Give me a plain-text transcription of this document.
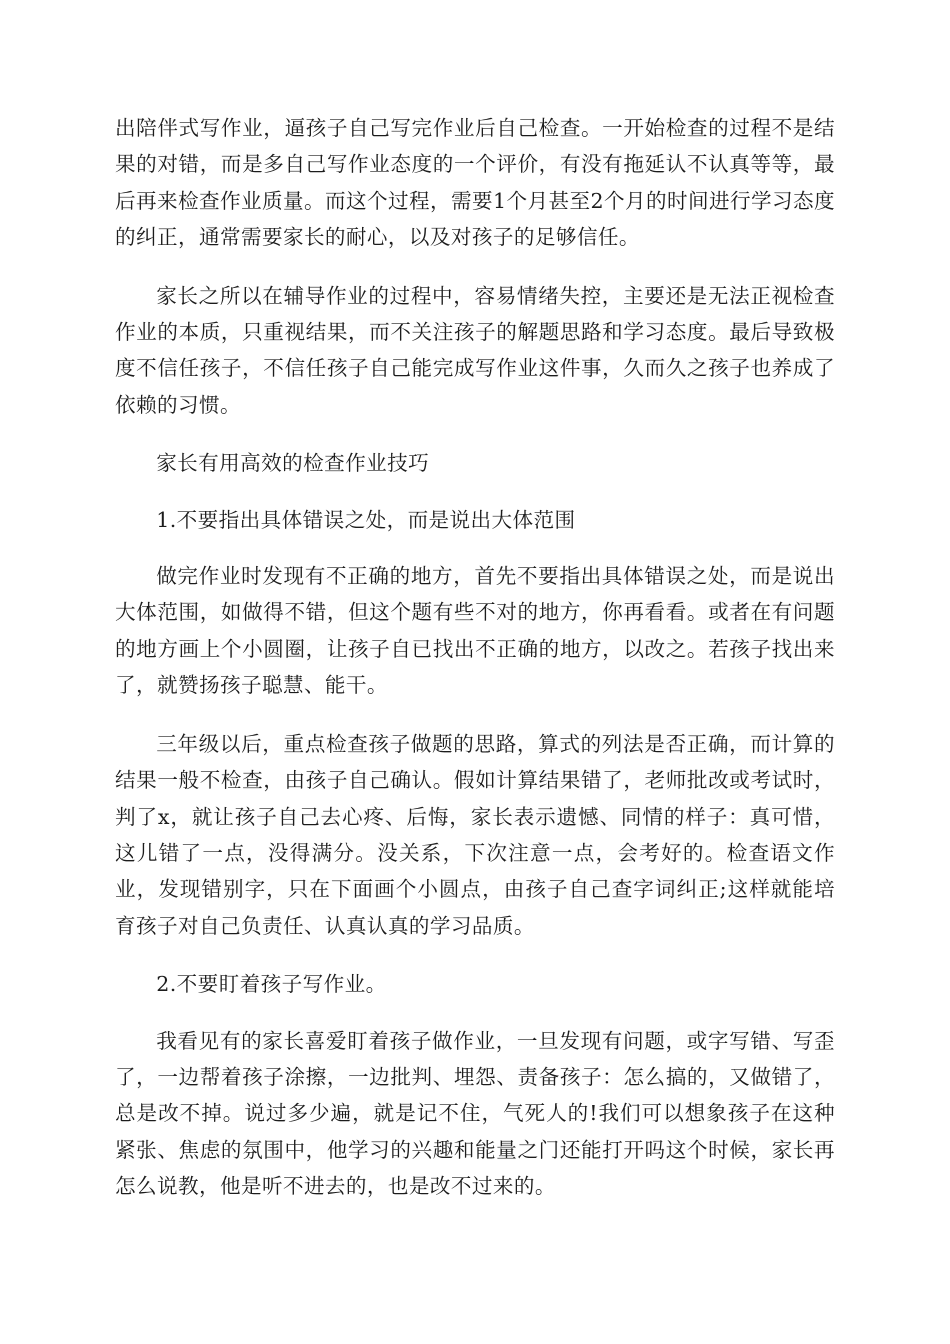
出陪伴式写作业，逼孩子自己写完作业后自己检查。一开始检查的过程不是结果的对错，而是多自己写作业态度的一个评价，有没有拖延认不认真等等，最后再来检查作业质量。而这个过程，需要1个月甚至2个月的时间进行学习态度的纠正，通常需要家长的耐心，以及对孩子的足够信任。

家长之所以在辅导作业的过程中，容易情绪失控，主要还是无法正视检查作业的本质，只重视结果，而不关注孩子的解题思路和学习态度。最后导致极度不信任孩子，不信任孩子自己能完成写作业这件事，久而久之孩子也养成了依赖的习惯。

家长有用高效的检查作业技巧

1.不要指出具体错误之处，而是说出大体范围

做完作业时发现有不正确的地方，首先不要指出具体错误之处，而是说出大体范围，如做得不错，但这个题有些不对的地方，你再看看。或者在有问题的地方画上个小圆圈，让孩子自已找出不正确的地方，以改之。若孩子找出来了，就赞扬孩子聪慧、能干。

三年级以后，重点检查孩子做题的思路，算式的列法是否正确，而计算的结果一般不检查，由孩子自己确认。假如计算结果错了，老师批改或考试时，判了x，就让孩子自己去心疼、后悔，家长表示遗憾、同情的样子：真可惜，这儿错了一点，没得满分。没关系，下次注意一点，会考好的。检查语文作业，发现错别字，只在下面画个小圆点，由孩子自己查字词纠正;这样就能培育孩子对自己负责任、认真认真的学习品质。

2.不要盯着孩子写作业。

我看见有的家长喜爱盯着孩子做作业，一旦发现有问题，或字写错、写歪了，一边帮着孩子涂擦，一边批判、埋怨、责备孩子：怎么搞的，又做错了，总是改不掉。说过多少遍，就是记不住，气死人的!我们可以想象孩子在这种紧张、焦虑的氛围中，他学习的兴趣和能量之门还能打开吗这个时候，家长再怎么说教，他是听不进去的，也是改不过来的。
